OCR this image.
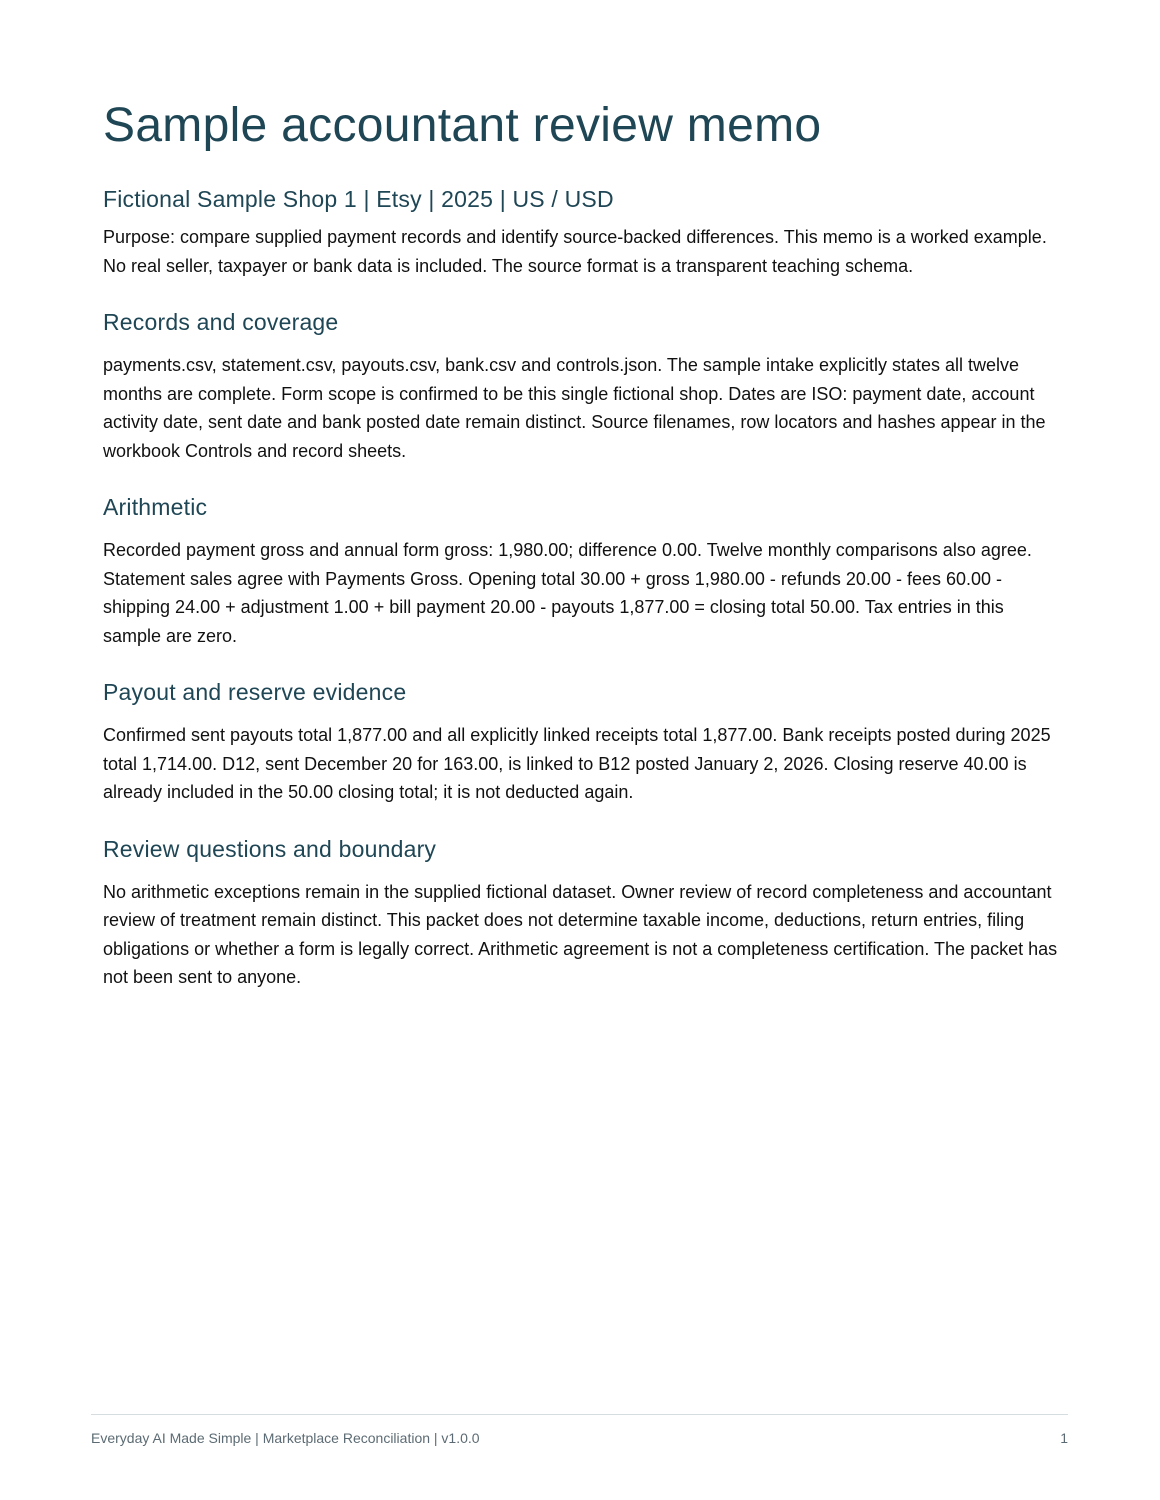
Sample accountant review memo
Fictional Sample Shop 1 | Etsy | 2025 | US / USD

Purpose: compare supplied payment records and identify source-backed differences. This memo is a worked example. No real seller, taxpayer or bank data is included. The source format is a transparent teaching schema.

Records and coverage

payments.csv, statement.csv, payouts.csv, bank.csv and controls.json. The sample intake explicitly states all twelve months are complete. Form scope is confirmed to be this single fictional shop. Dates are ISO: payment date, account activity date, sent date and bank posted date remain distinct. Source filenames, row locators and hashes appear in the workbook Controls and record sheets.

Arithmetic

Recorded payment gross and annual form gross: 1,980.00; difference 0.00. Twelve monthly comparisons also agree. Statement sales agree with Payments Gross. Opening total 30.00 + gross 1,980.00 - refunds 20.00 - fees 60.00 - shipping 24.00 + adjustment 1.00 + bill payment 20.00 - payouts 1,877.00 = closing total 50.00. Tax entries in this sample are zero.

Payout and reserve evidence

Confirmed sent payouts total 1,877.00 and all explicitly linked receipts total 1,877.00. Bank receipts posted during 2025 total 1,714.00. D12, sent December 20 for 163.00, is linked to B12 posted January 2, 2026. Closing reserve 40.00 is already included in the 50.00 closing total; it is not deducted again.

Review questions and boundary

No arithmetic exceptions remain in the supplied fictional dataset. Owner review of record completeness and accountant review of treatment remain distinct. This packet does not determine taxable income, deductions, return entries, filing obligations or whether a form is legally correct. Arithmetic agreement is not a completeness certification. The packet has not been sent to anyone.

Everyday AI Made Simple | Marketplace Reconciliation | v1.0.0	1
